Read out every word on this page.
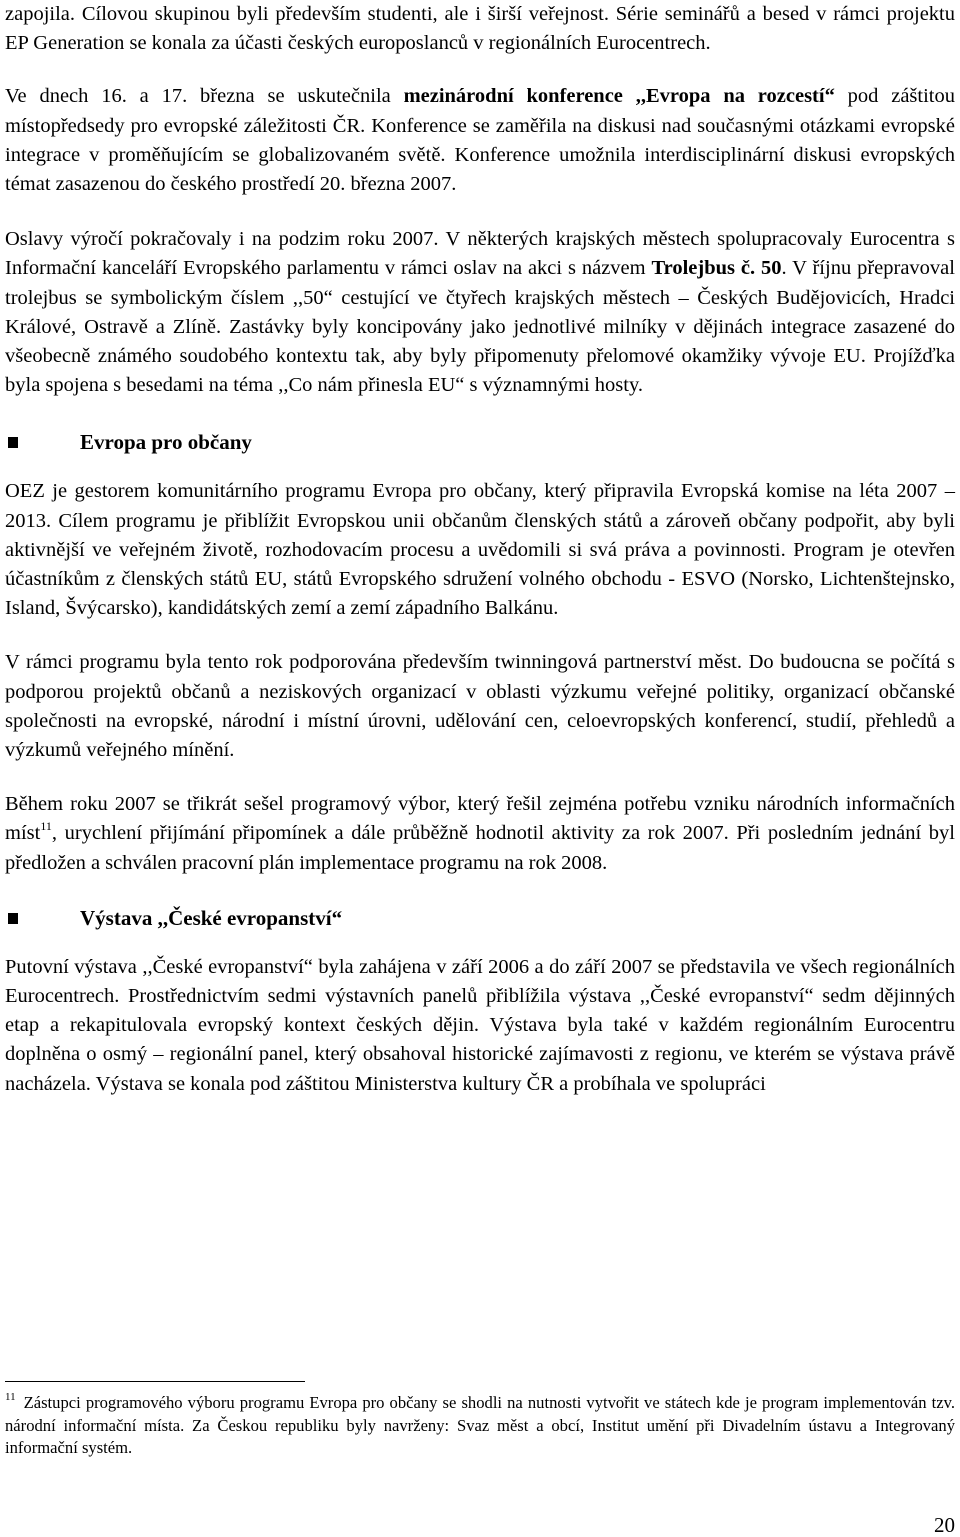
zapojila. Cílovou skupinou byli především studenti, ale i širší veřejnost. Série seminářů a besed v rámci projektu EP Generation se konala za účasti českých europoslanců v regionálních Eurocentrech.

Ve dnech 16. a 17. března se uskutečnila mezinárodní konference ,,Evropa na rozcestí“ pod záštitou místopředsedy pro evropské záležitosti ČR. Konference se zaměřila na diskusi nad současnými otázkami evropské integrace v proměňujícím se globalizovaném světě. Konference umožnila interdisciplinární diskusi evropských témat zasazenou do českého prostředí 20. března 2007.

Oslavy výročí pokračovaly i na podzim roku 2007. V některých krajských městech spolupracovaly Eurocentra s Informační kanceláří Evropského parlamentu v rámci oslav na akci s názvem Trolejbus č. 50. V říjnu přepravoval trolejbus se symbolickým číslem ,,50“ cestující ve čtyřech krajských městech – Českých Budějovicích, Hradci Králové, Ostravě a Zlíně. Zastávky byly koncipovány jako jednotlivé milníky v dějinách integrace zasazené do všeobecně známého soudobého kontextu tak, aby byly připomenuty přelomové okamžiky vývoje EU. Projížďka byla spojena s besedami na téma ,,Co nám přinesla EU“ s významnými hosty.

Evropa pro občany

OEZ je gestorem komunitárního programu Evropa pro občany, který připravila Evropská komise na léta 2007 – 2013. Cílem programu je přiblížit Evropskou unii občanům členských států a zároveň občany podpořit, aby byli aktivnější ve veřejném životě, rozhodovacím procesu a uvědomili si svá práva a povinnosti. Program je otevřen účastníkům z členských států EU, států Evropského sdružení volného obchodu - ESVO (Norsko, Lichtenštejnsko, Island, Švýcarsko), kandidátských zemí a zemí západního Balkánu.

V rámci programu byla tento rok podporována především twinningová partnerství měst. Do budoucna se počítá s podporou projektů občanů a neziskových organizací v oblasti výzkumu veřejné politiky, organizací občanské společnosti na evropské, národní i místní úrovni, udělování cen, celoevropských konferencí, studií, přehledů a výzkumů veřejného mínění.

Během roku 2007 se třikrát sešel programový výbor, který řešil zejména potřebu vzniku národních informačních míst$^{11}$, urychlení přijímání připomínek a dále průběžně hodnotil aktivity za rok 2007. Při posledním jednání byl předložen a schválen pracovní plán implementace programu na rok 2008.

Výstava ,,České evropanství“

Putovní výstava ,,České evropanství“ byla zahájena v září 2006 a do září 2007 se představila ve všech regionálních Eurocentrech. Prostřednictvím sedmi výstavních panelů přiblížila výstava ,,České evropanství“ sedm dějinných etap a rekapitulovala evropský kontext českých dějin. Výstava byla také v každém regionálním Eurocentru doplněna o osmý – regionální panel, který obsahoval historické zajímavosti z regionu, ve kterém se výstava právě nacházela. Výstava se konala pod záštitou Ministerstva kultury ČR a probíhala ve spolupráci

$^{11}$ Zástupci programového výboru programu Evropa pro občany se shodli na nutnosti vytvořit ve státech kde je program implementován tzv. národní informační místa. Za Českou republiku byly navrženy: Svaz měst a obcí, Institut umění při Divadelním ústavu a Integrovaný informační systém.

20
